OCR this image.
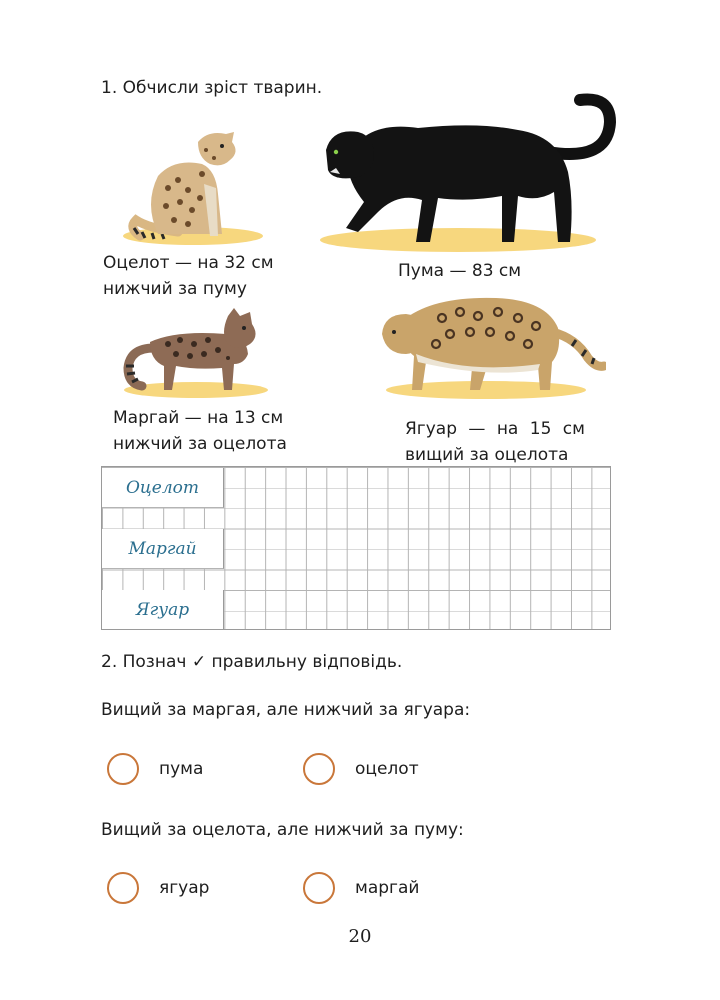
1. Обчисли зріст тварин.
Оцелот — на 32 см
нижчий за пуму
Пума — 83 см
Маргай — на 13 см
нижчий за оцелота
Ягуар — на 15 см
вищий за оцелота
Оцелот
Маргай
Ягуар
2. Познач ✓ правильну відповідь.
Вищий за маргая, але нижчий за ягуара:
пума	оцелот
Вищий за оцелота, але нижчий за пуму:
ягуар	маргай
20
